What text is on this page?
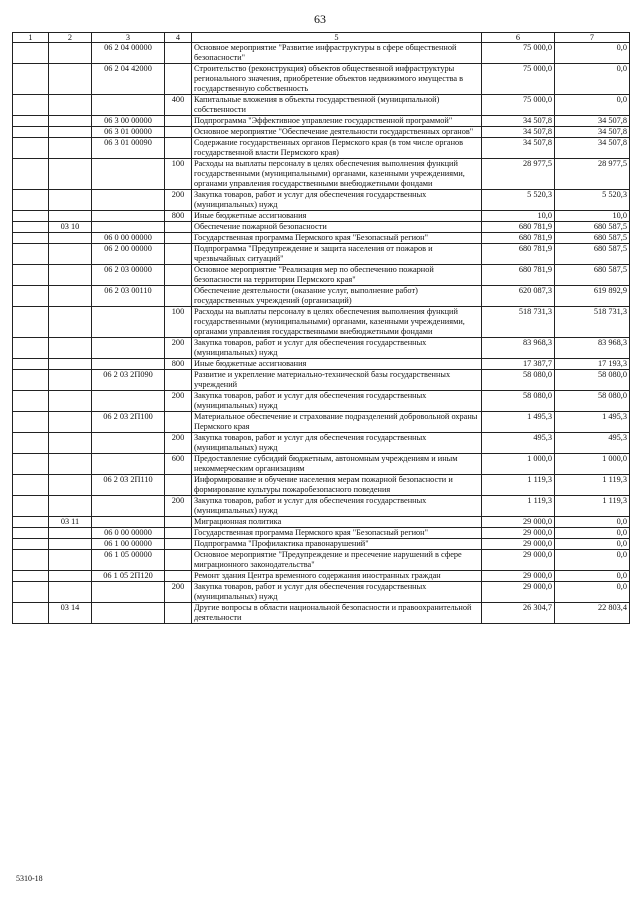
63
1	2	3	4	5	6	7
		06 2 04 00000		Основное мероприятие "Развитие инфраструктуры в сфере общественной безопасности"	75 000,0	0,0
		06 2 04 42000		Строительство (реконструкция) объектов общественной инфраструктуры регионального значения, приобретение объектов недвижимого имущества в государственную собственность	75 000,0	0,0
			400	Капитальные вложения в объекты государственной (муниципальной) собственности	75 000,0	0,0
		06 3 00 00000		Подпрограмма "Эффективное управление государственной программой"	34 507,8	34 507,8
		06 3 01 00000		Основное мероприятие "Обеспечение деятельности государственных органов"	34 507,8	34 507,8
		06 3 01 00090		Содержание государственных органов Пермского края (в том числе органов государственной власти Пермского края)	34 507,8	34 507,8
			100	Расходы на выплаты персоналу в целях обеспечения выполнения функций государственными (муниципальными) органами, казенными учреждениями, органами управления государственными внебюджетными фондами	28 977,5	28 977,5
			200	Закупка товаров, работ и услуг для обеспечения государственных (муниципальных) нужд	5 520,3	5 520,3
			800	Иные бюджетные ассигнования	10,0	10,0
	03 10			Обеспечение пожарной безопасности	680 781,9	680 587,5
		06 0 00 00000		Государственная программа Пермского края "Безопасный регион"	680 781,9	680 587,5
		06 2 00 00000		Подпрограмма "Предупреждение и защита населения от пожаров и чрезвычайных ситуаций"	680 781,9	680 587,5
		06 2 03 00000		Основное мероприятие "Реализация мер по обеспечению пожарной безопасности на территории Пермского края"	680 781,9	680 587,5
		06 2 03 00110		Обеспечение деятельности (оказание услуг, выполнение работ) государственных учреждений (организаций)	620 087,3	619 892,9
			100	Расходы на выплаты персоналу в целях обеспечения выполнения функций государственными (муниципальными) органами, казенными учреждениями, органами управления государственными внебюджетными фондами	518 731,3	518 731,3
			200	Закупка товаров, работ и услуг для обеспечения государственных (муниципальных) нужд	83 968,3	83 968,3
			800	Иные бюджетные ассигнования	17 387,7	17 193,3
		06 2 03 2П090		Развитие и укрепление материально-технической базы государственных учреждений	58 080,0	58 080,0
			200	Закупка товаров, работ и услуг для обеспечения государственных (муниципальных) нужд	58 080,0	58 080,0
		06 2 03 2П100		Материальное обеспечение и страхование подразделений добровольной охраны Пермского края	1 495,3	1 495,3
			200	Закупка товаров, работ и услуг для обеспечения государственных (муниципальных) нужд	495,3	495,3
			600	Предоставление субсидий бюджетным, автономным учреждениям и иным некоммерческим организациям	1 000,0	1 000,0
		06 2 03 2П110		Информирование и обучение населения мерам пожарной безопасности и формирование культуры пожаробезопасного поведения	1 119,3	1 119,3
			200	Закупка товаров, работ и услуг для обеспечения государственных (муниципальных) нужд	1 119,3	1 119,3
	03 11			Миграционная политика	29 000,0	0,0
		06 0 00 00000		Государственная программа Пермского края "Безопасный регион"	29 000,0	0,0
		06 1 00 00000		Подпрограмма "Профилактика правонарушений"	29 000,0	0,0
		06 1 05 00000		Основное мероприятие "Предупреждение и пресечение нарушений в сфере миграционного законодательства"	29 000,0	0,0
		06 1 05 2П120		Ремонт здания Центра временного содержания иностранных граждан	29 000,0	0,0
			200	Закупка товаров, работ и услуг для обеспечения государственных (муниципальных) нужд	29 000,0	0,0
	03 14			Другие вопросы в области национальной безопасности и правоохранительной деятельности	26 304,7	22 803,4
5310-18
